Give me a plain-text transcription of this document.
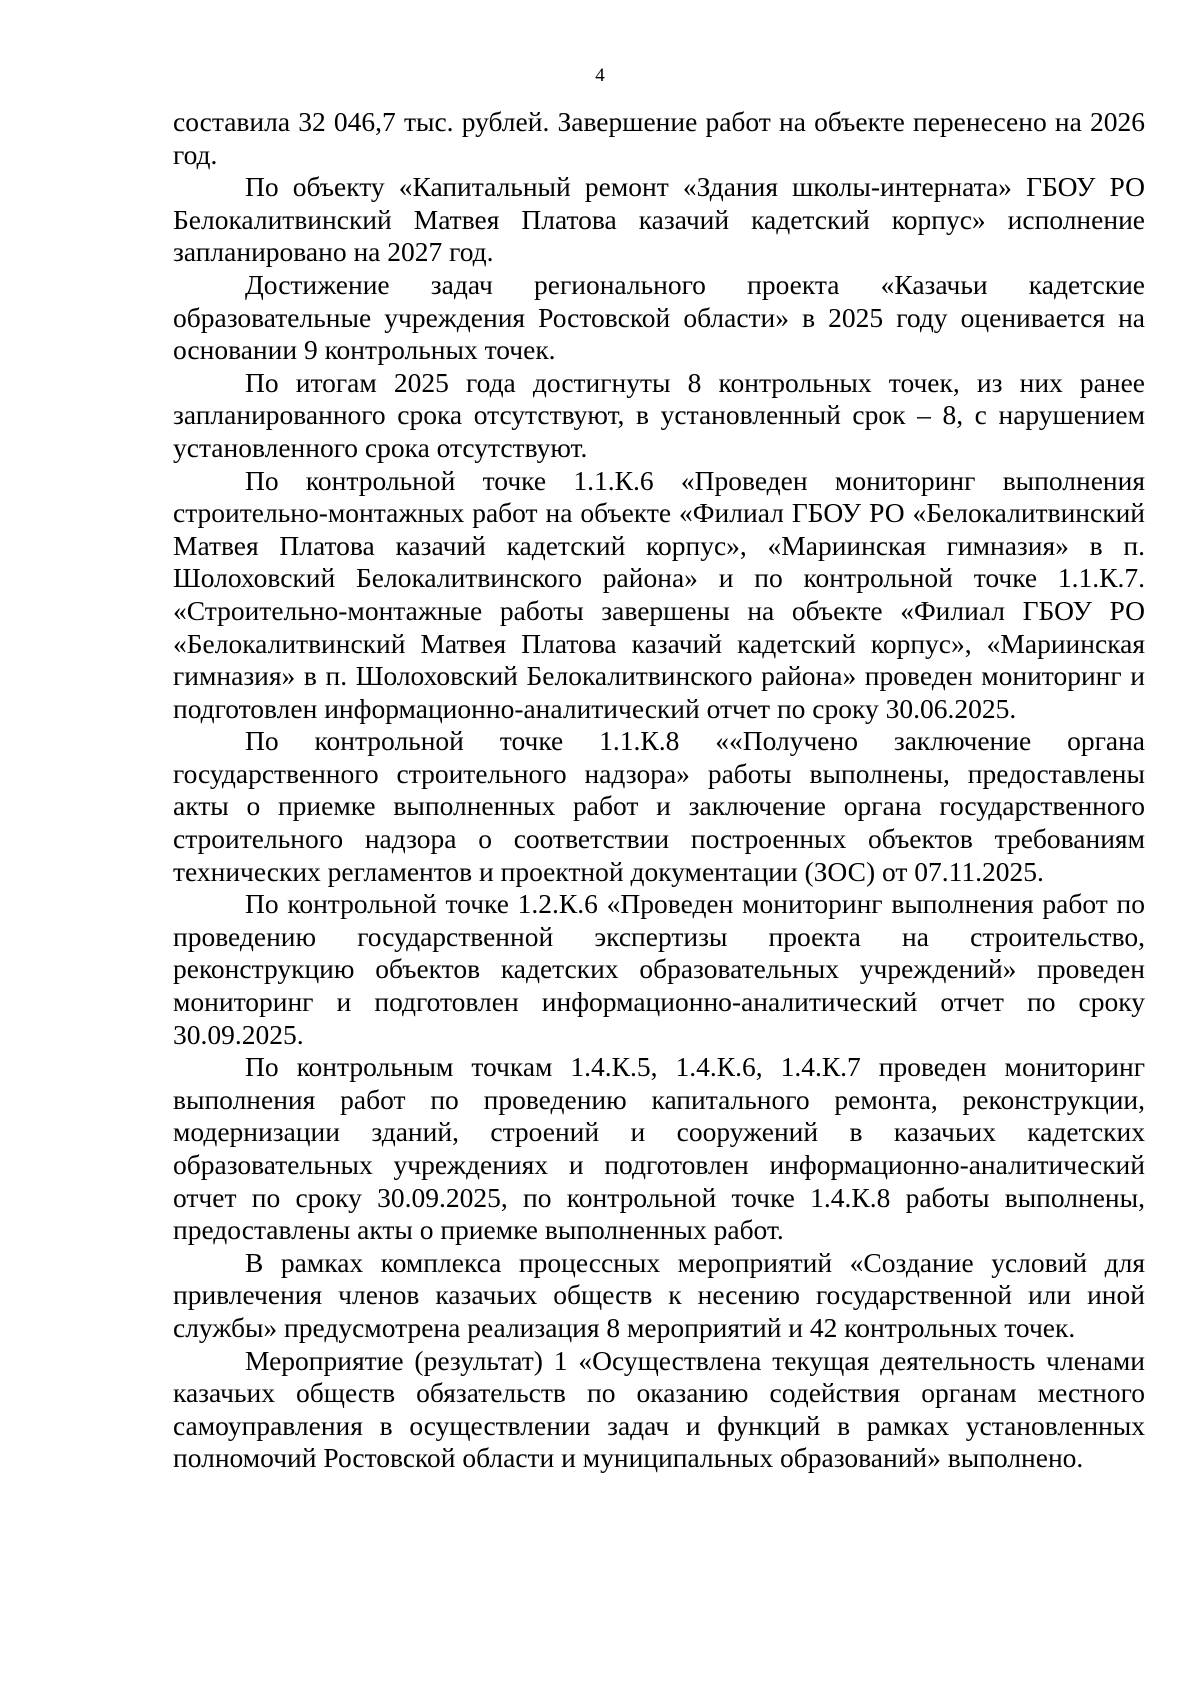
4

составила 32 046,7 тыс. рублей. Завершение работ на объекте перенесено на 2026 год.

По объекту «Капитальный ремонт «Здания школы-интерната» ГБОУ РО Белокалитвинский Матвея Платова казачий кадетский корпус» исполнение запланировано на 2027 год.

Достижение задач регионального проекта «Казачьи кадетские образовательные учреждения Ростовской области» в 2025 году оценивается на основании 9 контрольных точек.

По итогам 2025 года достигнуты 8 контрольных точек, из них ранее запланированного срока отсутствуют, в установленный срок – 8, с нарушением установленного срока отсутствуют.

По контрольной точке 1.1.К.6 «Проведен мониторинг выполнения строительно-монтажных работ на объекте «Филиал ГБОУ РО «Белокалитвинский Матвея Платова казачий кадетский корпус», «Мариинская гимназия» в п. Шолоховский Белокалитвинского района» и по контрольной точке 1.1.К.7. «Строительно-монтажные работы завершены на объекте «Филиал ГБОУ РО «Белокалитвинский Матвея Платова казачий кадетский корпус», «Мариинская гимназия» в п. Шолоховский Белокалитвинского района» проведен мониторинг и подготовлен информационно-аналитический отчет по сроку 30.06.2025.

По контрольной точке 1.1.К.8 ««Получено заключение органа государственного строительного надзора» работы выполнены, предоставлены акты о приемке выполненных работ и заключение органа государственного строительного надзора о соответствии построенных объектов требованиям технических регламентов и проектной документации (ЗОС) от 07.11.2025.

По контрольной точке 1.2.К.6 «Проведен мониторинг выполнения работ по проведению государственной экспертизы проекта на строительство, реконструкцию объектов кадетских образовательных учреждений» проведен мониторинг и подготовлен информационно-аналитический отчет по сроку 30.09.2025.

По контрольным точкам 1.4.К.5, 1.4.К.6, 1.4.К.7 проведен мониторинг выполнения работ по проведению капитального ремонта, реконструкции, модернизации зданий, строений и сооружений в казачьих кадетских образовательных учреждениях и подготовлен информационно-аналитический отчет по сроку 30.09.2025, по контрольной точке 1.4.К.8 работы выполнены, предоставлены акты о приемке выполненных работ.

В рамках комплекса процессных мероприятий «Создание условий для привлечения членов казачьих обществ к несению государственной или иной службы» предусмотрена реализация 8 мероприятий и 42 контрольных точек.

Мероприятие (результат) 1 «Осуществлена текущая деятельность членами казачьих обществ обязательств по оказанию содействия органам местного самоуправления в осуществлении задач и функций в рамках установленных полномочий Ростовской области и муниципальных образований» выполнено.
